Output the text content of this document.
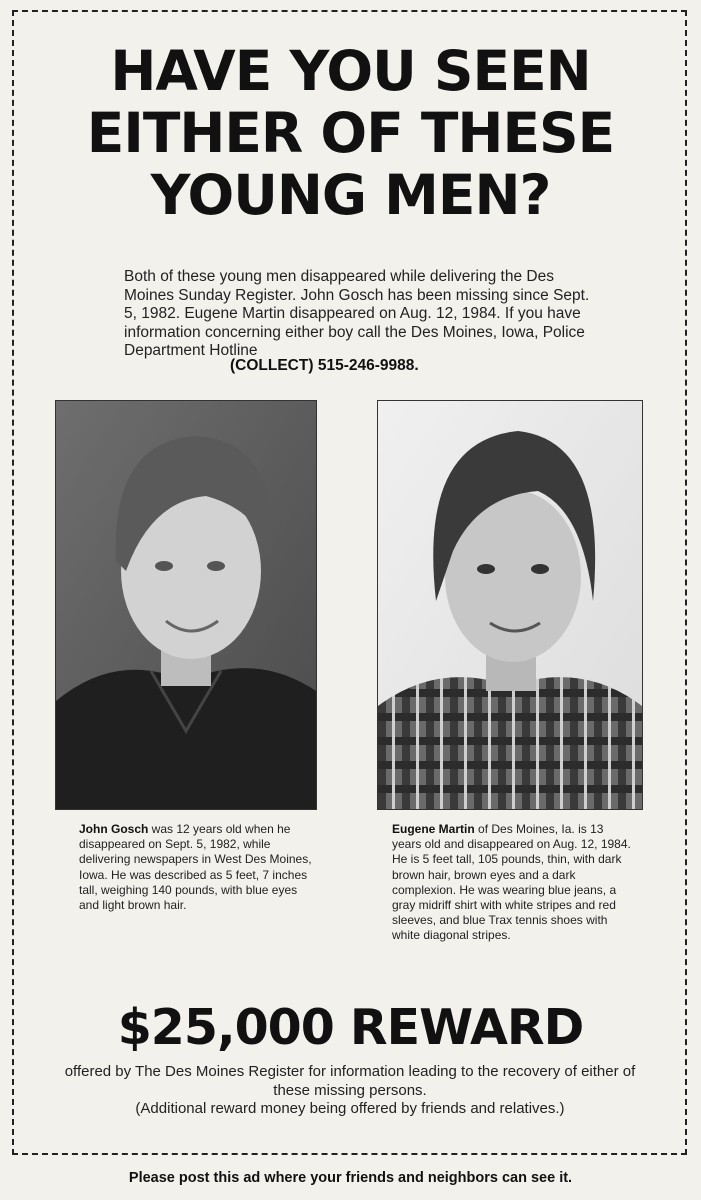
HAVE YOU SEEN
EITHER OF THESE
YOUNG MEN?
Both of these young men disappeared while delivering the Des Moines Sunday Register. John Gosch has been missing since Sept. 5, 1982. Eugene Martin disappeared on Aug. 12, 1984. If you have information concerning either boy call the Des Moines, Iowa, Police Department Hotline
(COLLECT) 515-246-9988.
John Gosch was 12 years old when he disappeared on Sept. 5, 1982, while delivering newspapers in West Des Moines, Iowa. He was described as 5 feet, 7 inches tall, weighing 140 pounds, with blue eyes and light brown hair.
Eugene Martin of Des Moines, Ia. is 13 years old and disappeared on Aug. 12, 1984. He is 5 feet tall, 105 pounds, thin, with dark brown hair, brown eyes and a dark complexion. He was wearing blue jeans, a gray midriff shirt with white stripes and red sleeves, and blue Trax tennis shoes with white diagonal stripes.
$25,000 REWARD
offered by The Des Moines Register for information leading to the recovery of either of these missing persons.
(Additional reward money being offered by friends and relatives.)
Please post this ad where your friends and neighbors can see it.
